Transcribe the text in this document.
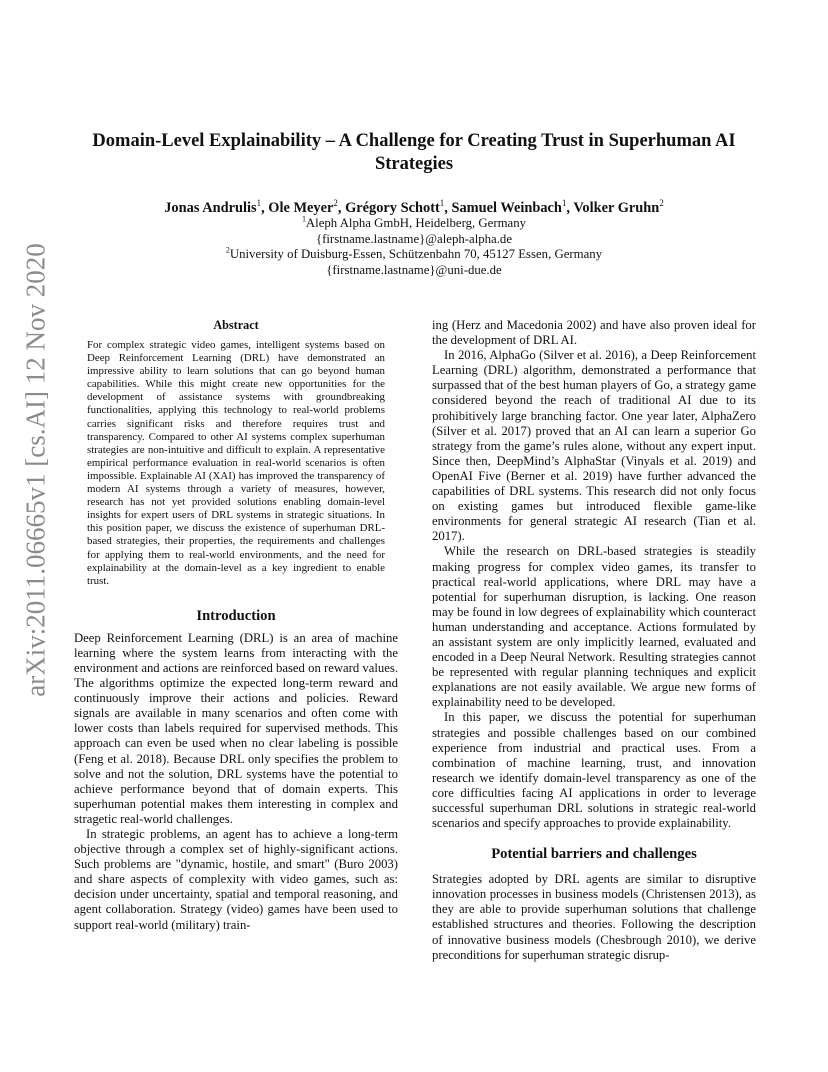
arXiv:2011.06665v1 [cs.AI] 12 Nov 2020
Domain-Level Explainability – A Challenge for Creating Trust in Superhuman AI Strategies
Jonas Andrulis$^1$, Ole Meyer$^2$, Grégory Schott$^1$, Samuel Weinbach$^1$, Volker Gruhn$^2$
$^1$Aleph Alpha GmbH, Heidelberg, Germany
{firstname.lastname}@aleph-alpha.de
$^2$University of Duisburg-Essen, Schützenbahn 70, 45127 Essen, Germany
{firstname.lastname}@uni-due.de
Abstract

For complex strategic video games, intelligent systems based on Deep Reinforcement Learning (DRL) have demonstrated an impressive ability to learn solutions that can go beyond human capabilities. While this might create new opportunities for the development of assistance systems with groundbreaking functionalities, applying this technology to real-world problems carries significant risks and therefore requires trust and transparency. Compared to other AI systems complex superhuman strategies are non-intuitive and difficult to explain. A representative empirical performance evaluation in real-world scenarios is often impossible. Explainable AI (XAI) has improved the transparency of modern AI systems through a variety of measures, however, research has not yet provided solutions enabling domain-level insights for expert users of DRL systems in strategic situations. In this position paper, we discuss the existence of superhuman DRL-based strategies, their properties, the requirements and challenges for applying them to real-world environments, and the need for explainability at the domain-level as a key ingredient to enable trust.

Introduction

Deep Reinforcement Learning (DRL) is an area of machine learning where the system learns from interacting with the environment and actions are reinforced based on reward values. The algorithms optimize the expected long-term reward and continuously improve their actions and policies. Reward signals are available in many scenarios and often come with lower costs than labels required for supervised methods. This approach can even be used when no clear labeling is possible (Feng et al. 2018). Because DRL only specifies the problem to solve and not the solution, DRL systems have the potential to achieve performance beyond that of domain experts. This superhuman potential makes them interesting in complex and stragetic real-world challenges.

In strategic problems, an agent has to achieve a long-term objective through a complex set of highly-significant actions. Such problems are "dynamic, hostile, and smart" (Buro 2003) and share aspects of complexity with video games, such as: decision under uncertainty, spatial and temporal reasoning, and agent collaboration. Strategy (video) games have been used to support real-world (military) train-

ing (Herz and Macedonia 2002) and have also proven ideal for the development of DRL AI.

In 2016, AlphaGo (Silver et al. 2016), a Deep Reinforcement Learning (DRL) algorithm, demonstrated a performance that surpassed that of the best human players of Go, a strategy game considered beyond the reach of traditional AI due to its prohibitively large branching factor. One year later, AlphaZero (Silver et al. 2017) proved that an AI can learn a superior Go strategy from the game’s rules alone, without any expert input. Since then, DeepMind’s AlphaStar (Vinyals et al. 2019) and OpenAI Five (Berner et al. 2019) have further advanced the capabilities of DRL systems. This research did not only focus on existing games but introduced flexible game-like environments for general strategic AI research (Tian et al. 2017).

While the research on DRL-based strategies is steadily making progress for complex video games, its transfer to practical real-world applications, where DRL may have a potential for superhuman disruption, is lacking. One reason may be found in low degrees of explainability which counteract human understanding and acceptance. Actions formulated by an assistant system are only implicitly learned, evaluated and encoded in a Deep Neural Network. Resulting strategies cannot be represented with regular planning techniques and explicit explanations are not easily available. We argue new forms of explainability need to be developed.

In this paper, we discuss the potential for superhuman strategies and possible challenges based on our combined experience from industrial and practical uses. From a combination of machine learning, trust, and innovation research we identify domain-level transparency as one of the core difficulties facing AI applications in order to leverage successful superhuman DRL solutions in strategic real-world scenarios and specify approaches to provide explainability.

Potential barriers and challenges

Strategies adopted by DRL agents are similar to disruptive innovation processes in business models (Christensen 2013), as they are able to provide superhuman solutions that challenge established structures and theories. Following the description of innovative business models (Chesbrough 2010), we derive preconditions for superhuman strategic disrup-
